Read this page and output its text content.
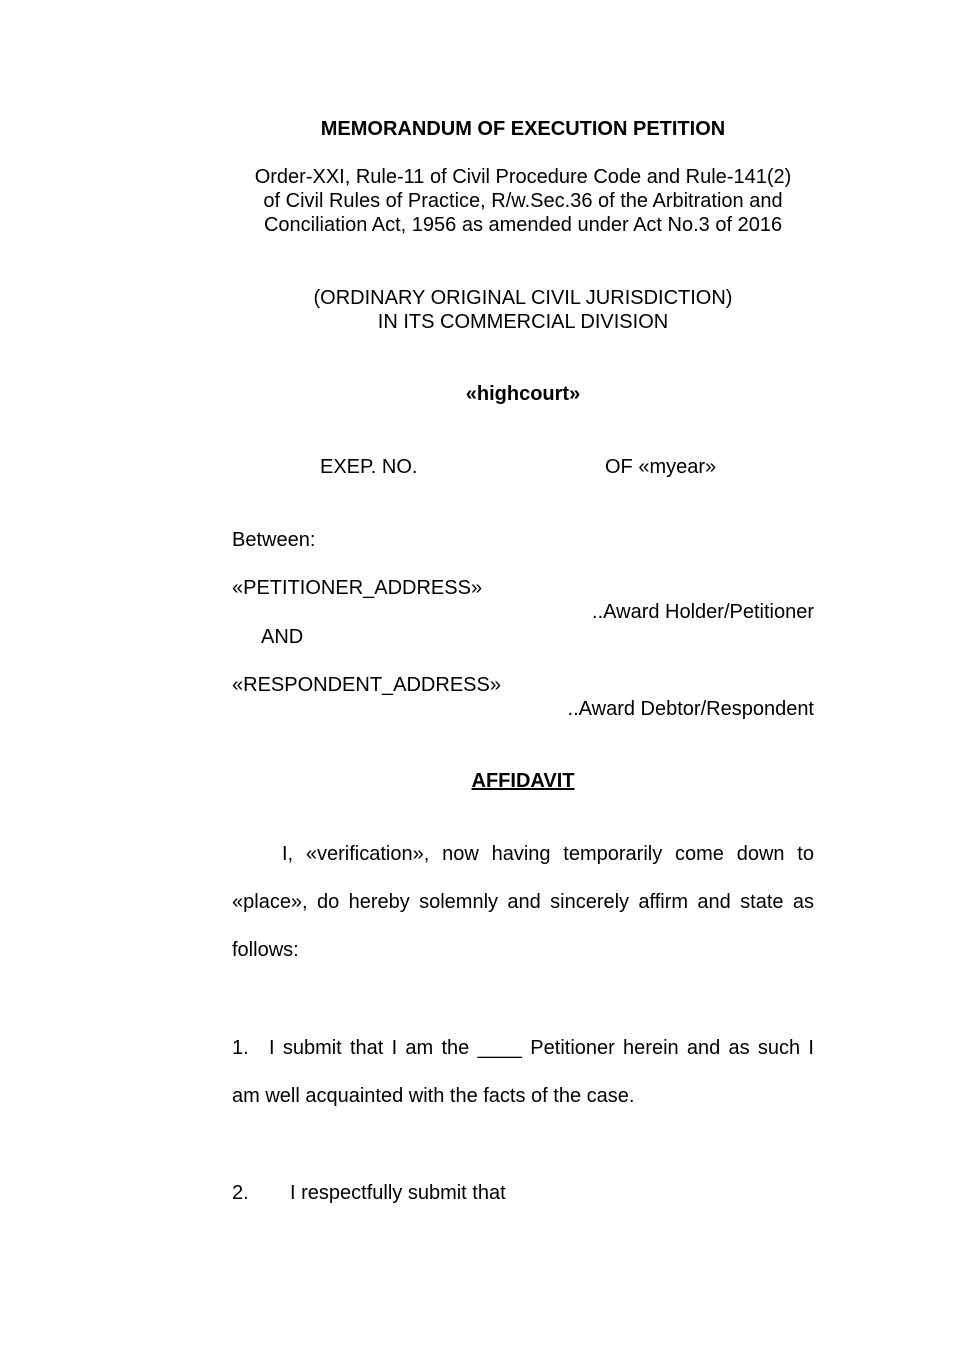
MEMORANDUM OF EXECUTION PETITION
Order-XXI, Rule-11 of Civil Procedure Code and Rule-141(2)
of Civil Rules of Practice, R/w.Sec.36 of the Arbitration and
Conciliation Act, 1956 as amended under Act No.3 of 2016
(ORDINARY ORIGINAL CIVIL JURISDICTION)
IN ITS COMMERCIAL DIVISION
«highcourt»
EXEP. NO.	OF «myear»
Between:
«PETITIONER_ADDRESS»
..Award Holder/Petitioner
AND
«RESPONDENT_ADDRESS»
..Award Debtor/Respondent
AFFIDAVIT
I, «verification», now having temporarily come down to
«place», do hereby solemnly and sincerely affirm and state as
follows:
1. I submit that I am the ____ Petitioner herein and as such I
am well acquainted with the facts of the case.
2. I respectfully submit that
